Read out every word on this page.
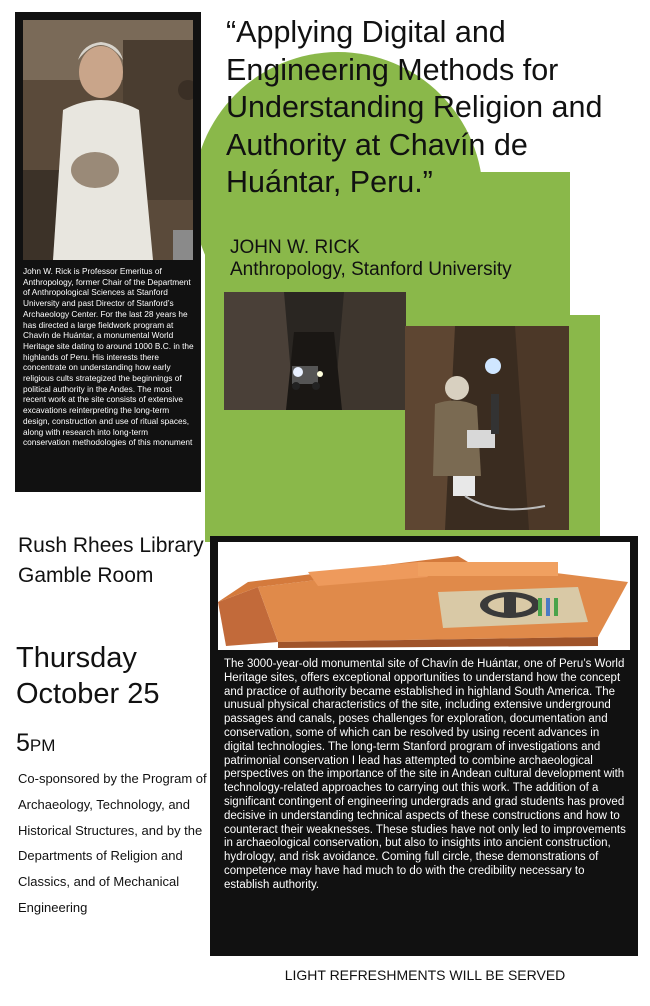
John W. Rick is Professor Emeritus of Anthropology, former Chair of the Department of Anthropological Sciences at Stanford University and past Director of Stanford’s Archaeology Center. For the last 28 years he has directed a large fieldwork program at Chavín de Huántar, a monumental World Heritage site dating to around 1000 B.C. in the highlands of Peru. His interests there concentrate on understanding how early religious cults strategized the beginnings of political authority in the Andes. The most recent work at the site consists of extensive excavations reinterpreting the long-term design, construction and use of ritual spaces, along with research into long-term conservation methodologies of this monument
“Applying Digital and Engineering Methods for Understanding Religion and Authority at Chavín de Huántar, Peru.”
JOHN W. RICK
Anthropology, Stanford University
Rush Rhees Library
Gamble Room
Thursday
October 25
5PM
Co-sponsored by the Program of Archaeology, Technology, and Historical Structures, and by the Departments of Religion and Classics, and of Mechanical Engineering
The 3000-year-old monumental site of Chavín de Huántar, one of Peru’s World Heritage sites, offers exceptional opportunities to understand how the concept and practice of authority became established in highland South America. The unusual physical characteristics of the site, including extensive underground passages and canals, poses challenges for exploration, documentation and conservation, some of which can be resolved by using recent advances in digital technologies. The long-term Stanford program of investigations and patrimonial conservation I lead has attempted to combine archaeological perspectives on the importance of the site in Andean cultural development with technology-related approaches to carrying out this work. The addition of a significant contingent of engineering undergrads and grad students has proved decisive in understanding technical aspects of these constructions and how to counteract their weaknesses. These studies have not only led to improvements in archaeological conservation, but also to insights into ancient construction, hydrology, and risk avoidance. Coming full circle, these demonstrations of competence may have had much to do with the credibility necessary to establish authority.
LIGHT REFRESHMENTS WILL BE SERVED
